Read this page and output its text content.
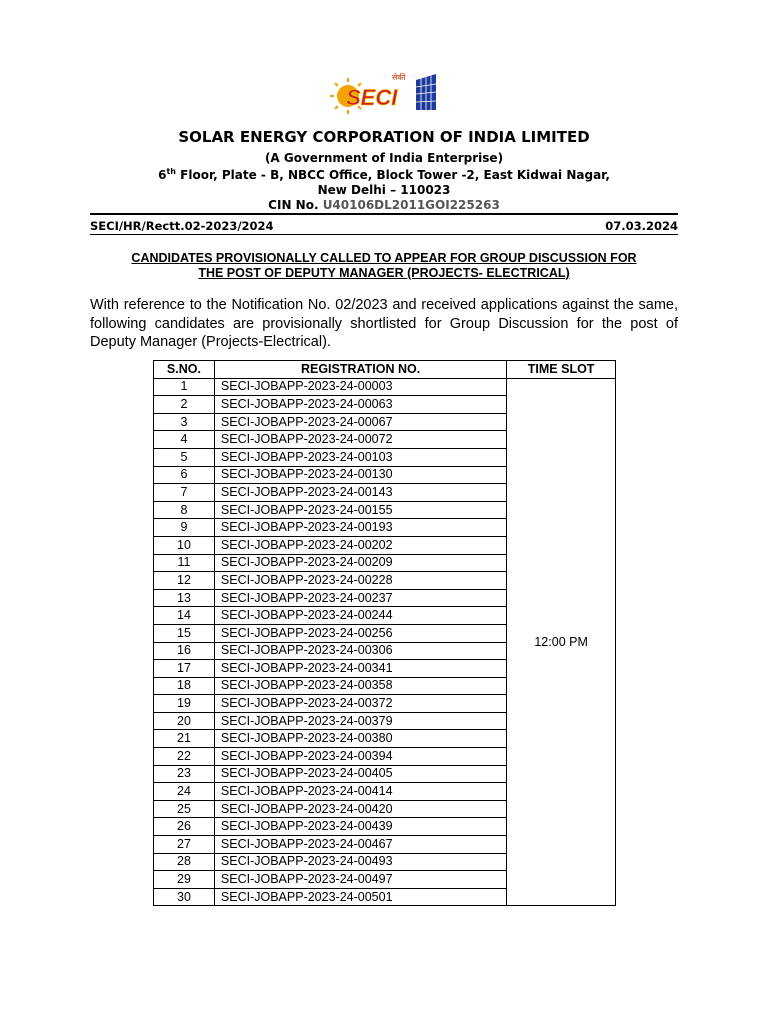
SECI
सेकी
SOLAR ENERGY CORPORATION OF INDIA LIMITED
(A Government of India Enterprise)
6th Floor, Plate - B, NBCC Office, Block Tower -2, East Kidwai Nagar,
New Delhi – 110023
CIN No. U40106DL2011GOI225263
SECI/HR/Rectt.02-2023/2024	07.03.2024
CANDIDATES PROVISIONALLY CALLED TO APPEAR FOR GROUP DISCUSSION FOR
THE POST OF DEPUTY MANAGER (PROJECTS- ELECTRICAL)
With reference to the Notification No. 02/2023 and received applications against the same, following candidates are provisionally shortlisted for Group Discussion for the post of Deputy Manager (Projects-Electrical).
S.NO.	REGISTRATION NO.	TIME SLOT
1	SECI-JOBAPP-2023-24-00003	12:00 PM
2	SECI-JOBAPP-2023-24-00063	
3	SECI-JOBAPP-2023-24-00067	
4	SECI-JOBAPP-2023-24-00072	
5	SECI-JOBAPP-2023-24-00103	
6	SECI-JOBAPP-2023-24-00130	
7	SECI-JOBAPP-2023-24-00143	
8	SECI-JOBAPP-2023-24-00155	
9	SECI-JOBAPP-2023-24-00193	
10	SECI-JOBAPP-2023-24-00202	
11	SECI-JOBAPP-2023-24-00209	
12	SECI-JOBAPP-2023-24-00228	
13	SECI-JOBAPP-2023-24-00237	
14	SECI-JOBAPP-2023-24-00244	
15	SECI-JOBAPP-2023-24-00256	
16	SECI-JOBAPP-2023-24-00306	
17	SECI-JOBAPP-2023-24-00341	
18	SECI-JOBAPP-2023-24-00358	
19	SECI-JOBAPP-2023-24-00372	
20	SECI-JOBAPP-2023-24-00379	
21	SECI-JOBAPP-2023-24-00380	
22	SECI-JOBAPP-2023-24-00394	
23	SECI-JOBAPP-2023-24-00405	
24	SECI-JOBAPP-2023-24-00414	
25	SECI-JOBAPP-2023-24-00420	
26	SECI-JOBAPP-2023-24-00439	
27	SECI-JOBAPP-2023-24-00467	
28	SECI-JOBAPP-2023-24-00493	
29	SECI-JOBAPP-2023-24-00497	
30	SECI-JOBAPP-2023-24-00501	
